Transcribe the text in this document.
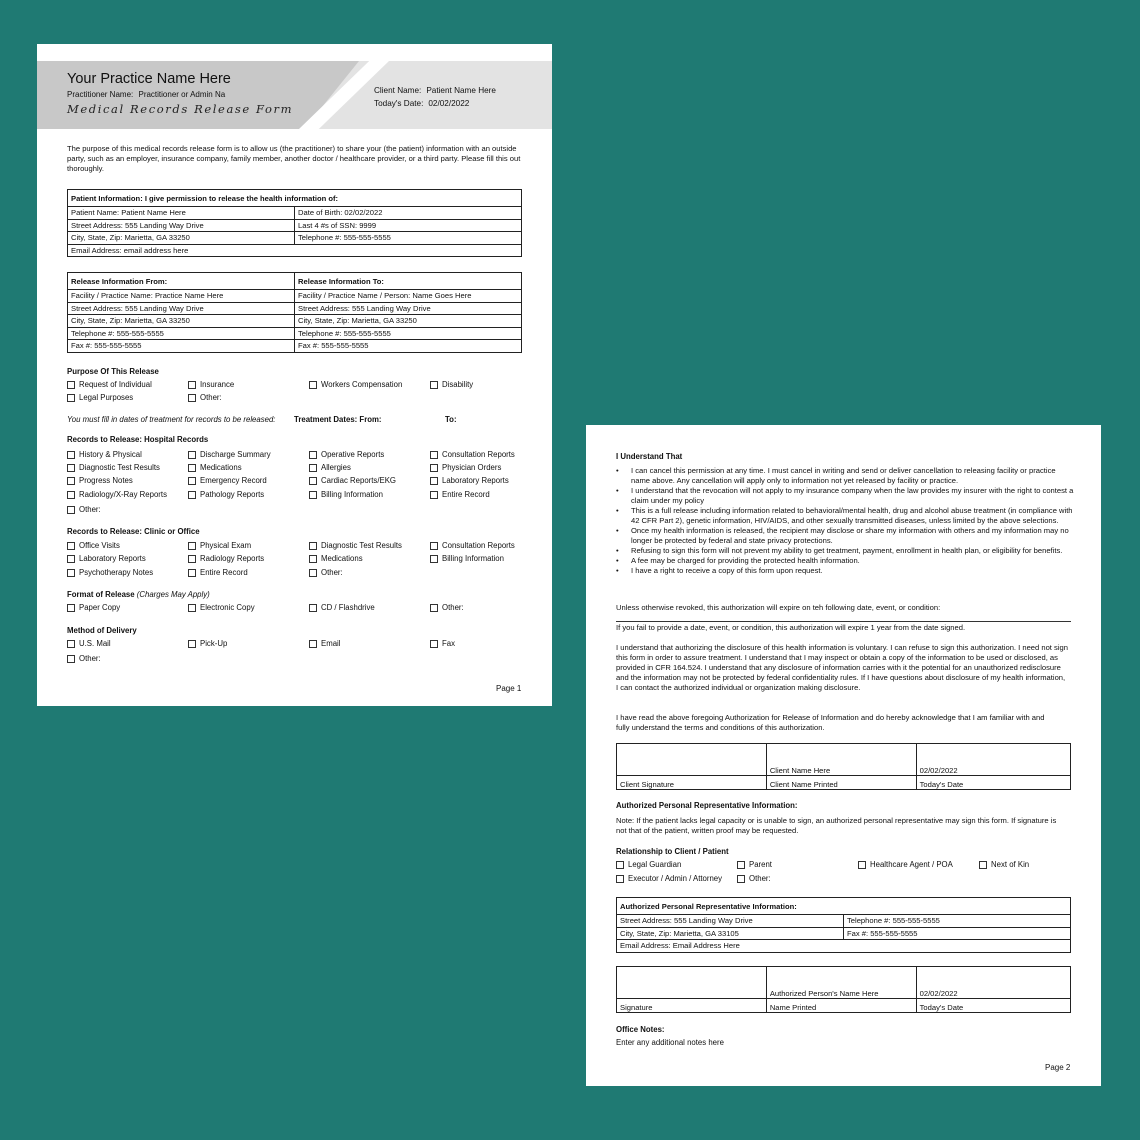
Your Practice Name Here
Practitioner Name: Practitioner or Admin Na
Medical Records Release Form
Client Name: Patient Name Here
Today's Date: 02/02/2022
The purpose of this medical records release form is to allow us (the practitioner) to share your (the patient) information with an outside party, such as an employer, insurance company, family member, another doctor / healthcare provider, or a third party. Please fill this out thoroughly.
Patient Information: I give permission to release the health information of:	
Patient Name: Patient Name Here	Date of Birth: 02/02/2022
Street Address: 555 Landing Way Drive	Last 4 #s of SSN: 9999
City, State, Zip: Marietta, GA 33250	Telephone #: 555-555-5555
Email Address: email address here	
Release Information From:	Release Information To:
Facility / Practice Name: Practice Name Here	Facility / Practice Name / Person: Name Goes Here
Street Address: 555 Landing Way Drive	Street Address: 555 Landing Way Drive
City, State, Zip: Marietta, GA 33250	City, State, Zip: Marietta, GA 33250
Telephone #: 555-555-5555	Telephone #: 555-555-5555
Fax #: 555-555-5555	Fax #: 555-555-5555
Purpose Of This Release
Request of Individual	Insurance	Workers Compensation	Disability
Legal Purposes	Other:
You must fill in dates of treatment for records to be released: Treatment Dates: From:	To:
Records to Release: Hospital Records
History & Physical	Discharge Summary	Operative Reports	Consultation Reports
Diagnostic Test Results	Medications	Allergies	Physician Orders
Progress Notes	Emergency Record	Cardiac Reports/EKG	Laboratory Reports
Radiology/X-Ray Reports	Pathology Reports	Billing Information	Entire Record
Other:
Records to Release: Clinic or Office
Office Visits	Physical Exam	Diagnostic Test Results	Consultation Reports
Laboratory Reports	Radiology Reports	Medications	Billing Information
Psychotherapy Notes	Entire Record	Other:
Format of Release (Charges May Apply)
Paper Copy	Electronic Copy	CD / Flashdrive	Other:
Method of Delivery
U.S. Mail	Pick-Up	Email	Fax
Other:
Page 1
I Understand That
• I can cancel this permission at any time. I must cancel in writing and send or deliver cancellation to releasing facility or practice name above. Any cancellation will apply only to information not yet released by facility or practice.
• I understand that the revocation will not apply to my insurance company when the law provides my insurer with the right to contest a claim under my policy
• This is a full release including information related to behavioral/mental health, drug and alcohol abuse treatment (in compliance with 42 CFR Part 2), genetic information, HIV/AIDS, and other sexually transmitted diseases, unless limited by the above selections.
• Once my health information is released, the recipient may disclose or share my information with others and my information may no longer be protected by federal and state privacy protections.
• Refusing to sign this form will not prevent my ability to get treatment, payment, enrollment in health plan, or eligibility for benefits.
• A fee may be charged for providing the protected health information.
• I have a right to receive a copy of this form upon request.
Unless otherwise revoked, this authorization will expire on teh following date, event, or condition:
If you fail to provide a date, event, or condition, this authorization will expire 1 year from the date signed.
I understand that authorizing the disclosure of this health information is voluntary. I can refuse to sign this authorization. I need not sign this form in order to assure treatment. I understand that I may inspect or obtain a copy of the information to be used or disclosed, as provided in CFR 164.524. I understand that any disclosure of information carries with it the potential for an unauthorized redisclosure and the information may not be protected by federal confidentiality rules. If I have questions about disclosure of my health information, I can contact the authorized individual or organization making disclosure.
I have read the above foregoing Authorization for Release of Information and do hereby acknowledge that I am familiar with and fully understand the terms and conditions of this authorization.
	Client Name Here	02/02/2022
Client Signature	Client Name Printed	Today's Date
Authorized Personal Representative Information:
Note: If the patient lacks legal capacity or is unable to sign, an authorized personal representative may sign this form. If signature is not that of the patient, written proof may be requested.
Relationship to Client / Patient
Legal Guardian	Parent	Healthcare Agent / POA	Next of Kin
Executor / Admin / Attorney	Other:
Authorized Personal Representative Information:	
Street Address: 555 Landing Way Drive	Telephone #: 555-555-5555
City, State, Zip: Marietta, GA 33105	Fax #: 555-555-5555
Email Address: Email Address Here	
	Authorized Person's Name Here	02/02/2022
Signature	Name Printed	Today's Date
Office Notes:
Enter any additional notes here
Page 2
